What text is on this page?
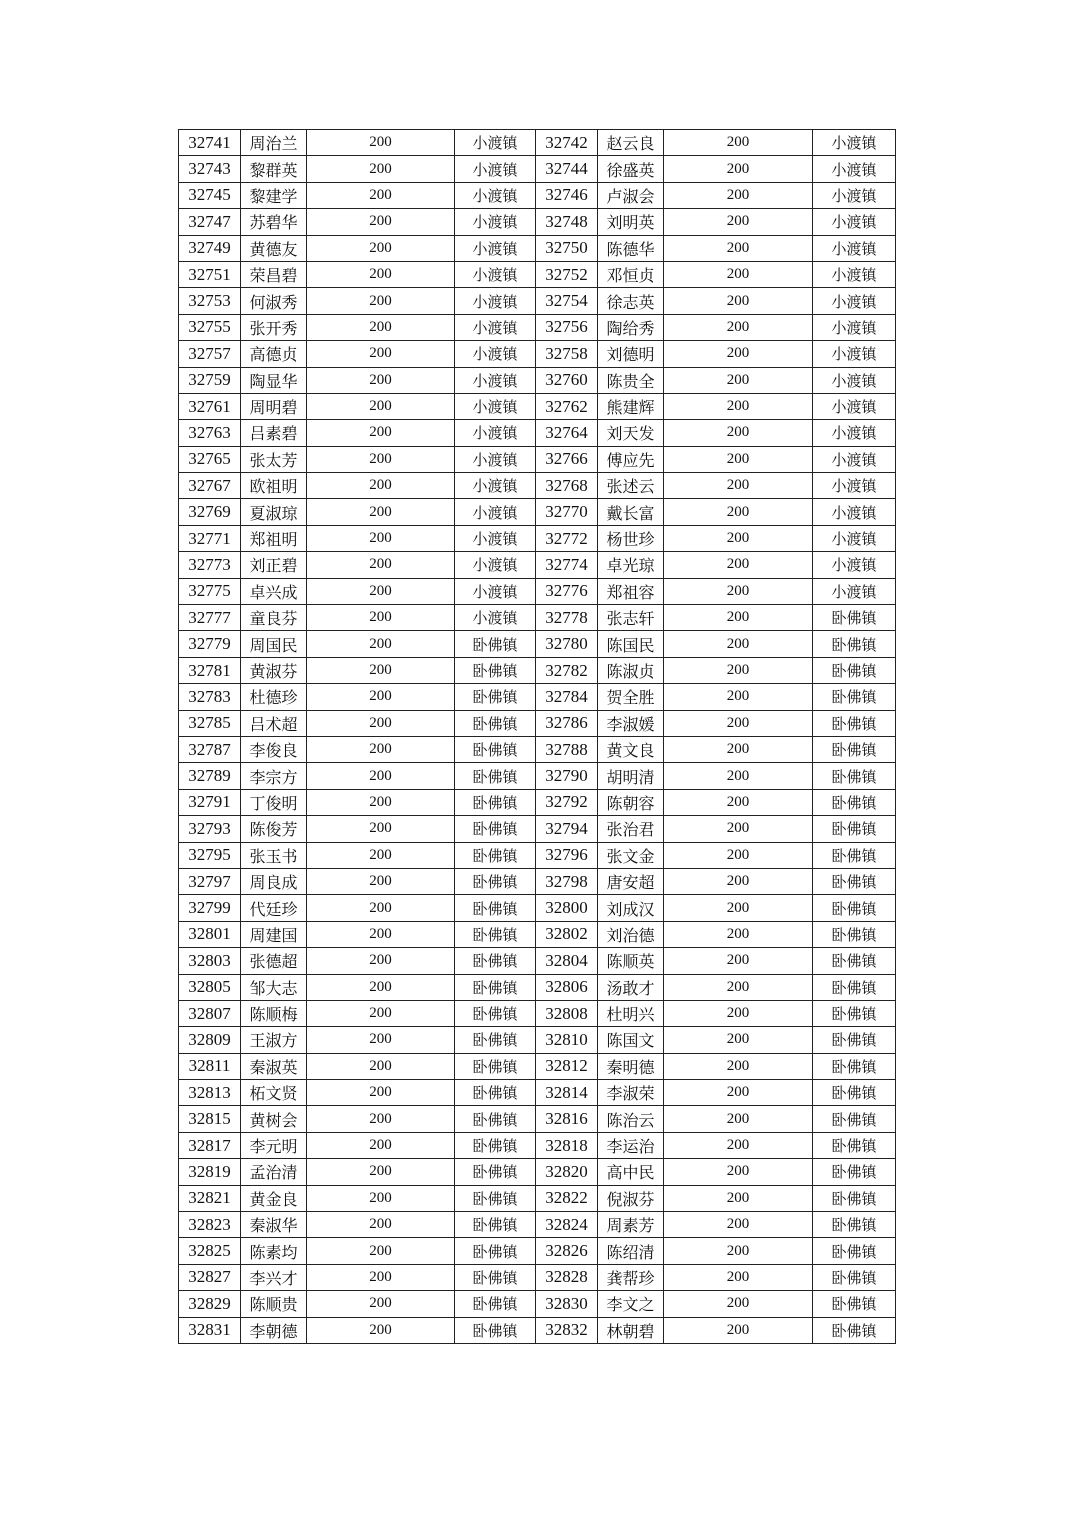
32741	周治兰	200	小渡镇	32742	赵云良	200	小渡镇
32743	黎群英	200	小渡镇	32744	徐盛英	200	小渡镇
32745	黎建学	200	小渡镇	32746	卢淑会	200	小渡镇
32747	苏碧华	200	小渡镇	32748	刘明英	200	小渡镇
32749	黄德友	200	小渡镇	32750	陈德华	200	小渡镇
32751	荣昌碧	200	小渡镇	32752	邓恒贞	200	小渡镇
32753	何淑秀	200	小渡镇	32754	徐志英	200	小渡镇
32755	张开秀	200	小渡镇	32756	陶给秀	200	小渡镇
32757	高德贞	200	小渡镇	32758	刘德明	200	小渡镇
32759	陶显华	200	小渡镇	32760	陈贵全	200	小渡镇
32761	周明碧	200	小渡镇	32762	熊建辉	200	小渡镇
32763	吕素碧	200	小渡镇	32764	刘天发	200	小渡镇
32765	张太芳	200	小渡镇	32766	傅应先	200	小渡镇
32767	欧祖明	200	小渡镇	32768	张述云	200	小渡镇
32769	夏淑琼	200	小渡镇	32770	戴长富	200	小渡镇
32771	郑祖明	200	小渡镇	32772	杨世珍	200	小渡镇
32773	刘正碧	200	小渡镇	32774	卓光琼	200	小渡镇
32775	卓兴成	200	小渡镇	32776	郑祖容	200	小渡镇
32777	童良芬	200	小渡镇	32778	张志轩	200	卧佛镇
32779	周国民	200	卧佛镇	32780	陈国民	200	卧佛镇
32781	黄淑芬	200	卧佛镇	32782	陈淑贞	200	卧佛镇
32783	杜德珍	200	卧佛镇	32784	贺全胜	200	卧佛镇
32785	吕术超	200	卧佛镇	32786	李淑媛	200	卧佛镇
32787	李俊良	200	卧佛镇	32788	黄文良	200	卧佛镇
32789	李宗方	200	卧佛镇	32790	胡明清	200	卧佛镇
32791	丁俊明	200	卧佛镇	32792	陈朝容	200	卧佛镇
32793	陈俊芳	200	卧佛镇	32794	张治君	200	卧佛镇
32795	张玉书	200	卧佛镇	32796	张文金	200	卧佛镇
32797	周良成	200	卧佛镇	32798	唐安超	200	卧佛镇
32799	代廷珍	200	卧佛镇	32800	刘成汉	200	卧佛镇
32801	周建国	200	卧佛镇	32802	刘治德	200	卧佛镇
32803	张德超	200	卧佛镇	32804	陈顺英	200	卧佛镇
32805	邹大志	200	卧佛镇	32806	汤敢才	200	卧佛镇
32807	陈顺梅	200	卧佛镇	32808	杜明兴	200	卧佛镇
32809	王淑方	200	卧佛镇	32810	陈国文	200	卧佛镇
32811	秦淑英	200	卧佛镇	32812	秦明德	200	卧佛镇
32813	柘文贤	200	卧佛镇	32814	李淑荣	200	卧佛镇
32815	黄树会	200	卧佛镇	32816	陈治云	200	卧佛镇
32817	李元明	200	卧佛镇	32818	李运治	200	卧佛镇
32819	孟治清	200	卧佛镇	32820	高中民	200	卧佛镇
32821	黄金良	200	卧佛镇	32822	倪淑芬	200	卧佛镇
32823	秦淑华	200	卧佛镇	32824	周素芳	200	卧佛镇
32825	陈素均	200	卧佛镇	32826	陈绍清	200	卧佛镇
32827	李兴才	200	卧佛镇	32828	龚帮珍	200	卧佛镇
32829	陈顺贵	200	卧佛镇	32830	李文之	200	卧佛镇
32831	李朝德	200	卧佛镇	32832	林朝碧	200	卧佛镇
